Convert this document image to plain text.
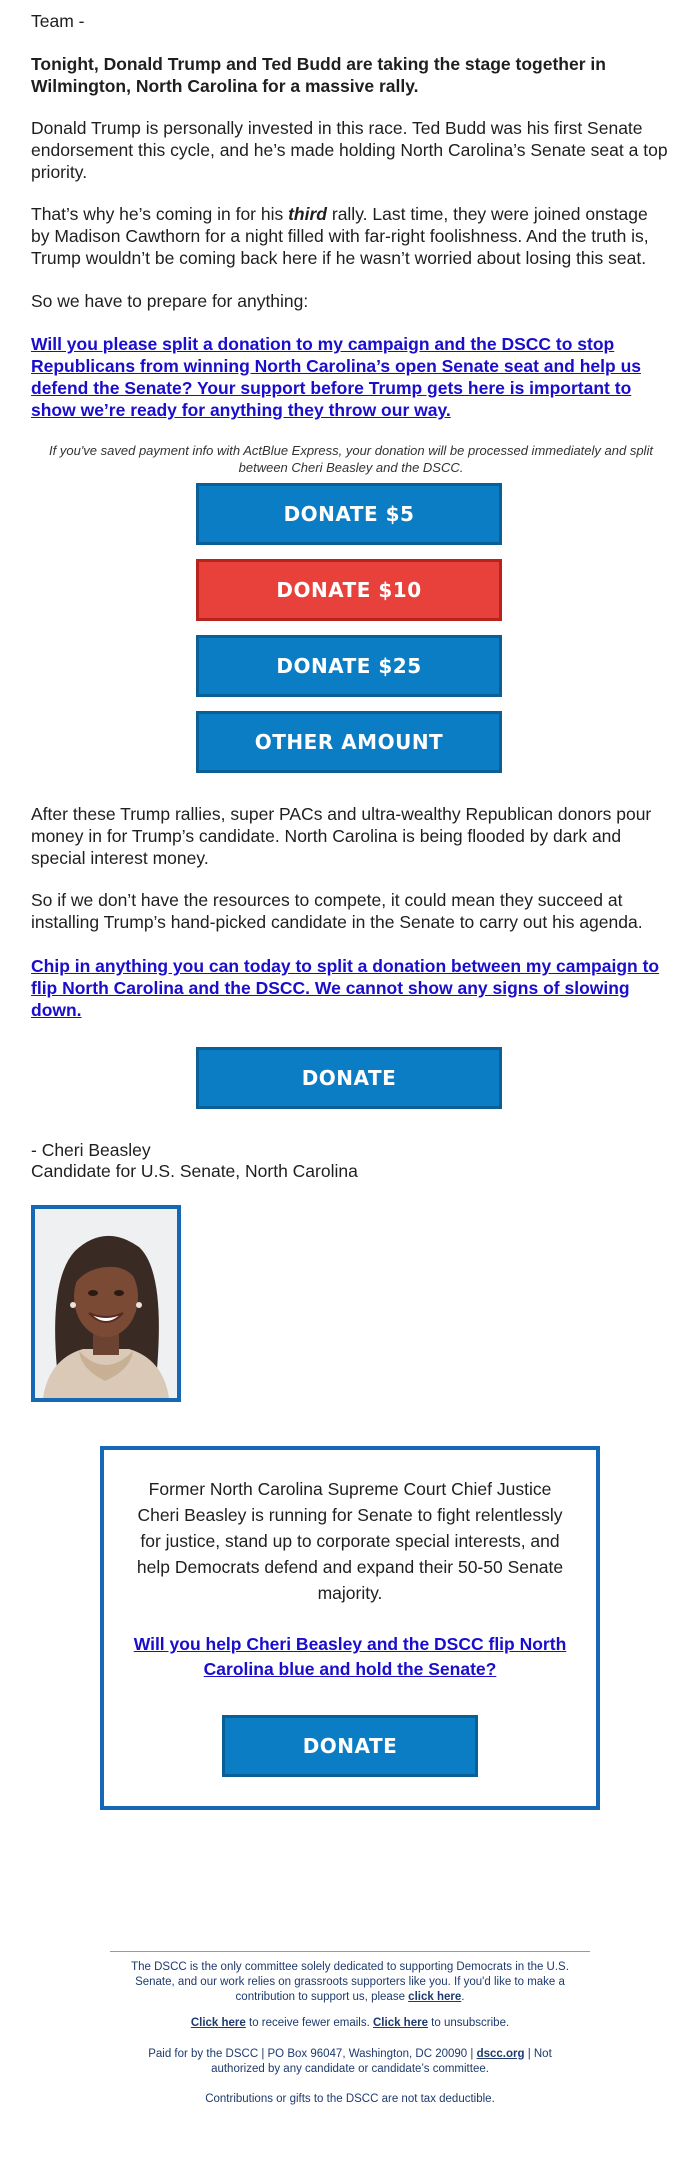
Team -

Tonight, Donald Trump and Ted Budd are taking the stage together in Wilmington, North Carolina for a massive rally.

Donald Trump is personally invested in this race. Ted Budd was his first Senate endorsement this cycle, and he’s made holding North Carolina’s Senate seat a top priority.

That’s why he’s coming in for his third rally. Last time, they were joined onstage by Madison Cawthorn for a night filled with far-right foolishness. And the truth is, Trump wouldn’t be coming back here if he wasn’t worried about losing this seat.

So we have to prepare for anything:

Will you please split a donation to my campaign and the DSCC to stop Republicans from winning North Carolina’s open Senate seat and help us defend the Senate? Your support before Trump gets here is important to show we’re ready for anything they throw our way.

If you've saved payment info with ActBlue Express, your donation will be processed immediately and split between Cheri Beasley and the DSCC.

DONATE $5
DONATE $10
DONATE $25
OTHER AMOUNT

After these Trump rallies, super PACs and ultra-wealthy Republican donors pour money in for Trump’s candidate. North Carolina is being flooded by dark and special interest money.

So if we don’t have the resources to compete, it could mean they succeed at installing Trump’s hand-picked candidate in the Senate to carry out his agenda.

Chip in anything you can today to split a donation between my campaign to flip North Carolina and the DSCC. We cannot show any signs of slowing down.

DONATE

- Cheri Beasley

Candidate for U.S. Senate, North Carolina

Former North Carolina Supreme Court Chief Justice Cheri Beasley is running for Senate to fight relentlessly for justice, stand up to corporate special interests, and help Democrats defend and expand their 50-50 Senate majority.

Will you help Cheri Beasley and the DSCC flip North Carolina blue and hold the Senate?

DONATE

The DSCC is the only committee solely dedicated to supporting Democrats in the U.S. Senate, and our work relies on grassroots supporters like you. If you'd like to make a contribution to support us, please click here.

Click here to receive fewer emails. Click here to unsubscribe.

Paid for by the DSCC | PO Box 96047, Washington, DC 20090 | dscc.org | Not authorized by any candidate or candidate’s committee.

Contributions or gifts to the DSCC are not tax deductible.
